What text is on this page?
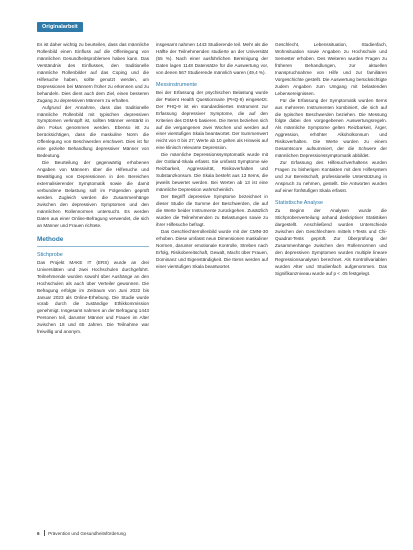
Originalarbeit

Es ist daher wichtig zu beurteilen, dass das männliche Rollenbild einen Einfluss auf die Offenlegung von männlichen Gesundheitsproblemen haben kann. Das Verständnis des Einflusses, den traditionelle männliche Rollenbilder auf das Coping und die Hilfesuche haben, sollte genutzt werden, um Depressionen bei Männern früher zu erkennen und zu behandeln. Dies dient auch dem Ziel, einen besseren Zugang zu depressiven Männern zu erhalten.

Aufgrund der Annahme, dass das traditionelle männliche Rollenbild mit typischen depressiven Symptomen verknüpft ist, sollten Männer verstärkt in den Fokus genommen werden. Ebenso ist zu berücksichtigen, dass die maskuline Norm die Offenlegung von Beschwerden erschwert. Dies ist für eine gezielte Behandlung depressiver Männer von Bedeutung.

Die Beurteilung der gegenwärtig erhobenen Angaben von Männern über die Hilfesuche und Bewältigung von Depressionen in den Bereichen externalisierender Symptomatik sowie die damit verbundene Belastung soll im Folgenden geprüft werden. Zugleich werden die Zusammenhänge zwischen den depressiven Symptomen und den männlichen Rollennormen untersucht. Es werden Daten aus einer Online-Befragung verwendet, die sich an Männer und Frauen richtete.

Methode
Stichprobe

Das Projekt MAKE IT (ERS) wurde an drei Universitäten und zwei Hochschulen durchgeführt. Teilnehmende wurden sowohl über Aushänge an den Hochschulen als auch über Verteiler gewonnen. Die Befragung erfolgte im Zeitraum von Juni 2022 bis Januar 2023 als Online-Erhebung. Die Studie wurde vorab durch die zuständige Ethikkommission genehmigt. Insgesamt nahmen an der Befragung 1443 Personen teil, darunter Männer und Frauen im Alter zwischen 18 und 65 Jahren. Die Teilnahme war freiwillig und anonym.

insgesamt nahmen 1443 Studierende teil. Mehr als die Hälfte der Teilnehmenden studierte an der Universität (55 %). Nach einer ausführlichen Bereinigung der Daten lagen 1148 Datensätze für die Auswertung vor, von denen 567 Studierende männlich waren (49,4 %).

Messinstrumente

Bei der Erfassung der psychischen Belastung wurde der Patient Health Questionnaire (PHQ-9) eingesetzt. Der PHQ-9 ist ein standardisiertes Instrument zur Erfassung depressiver Symptome, die auf den Kriterien des DSM-5 basieren. Die Items beziehen sich auf die vergangenen zwei Wochen und werden auf einer vierstufigen Skala beantwortet. Der Summenwert reicht von 0 bis 27; Werte ab 10 gelten als Hinweis auf eine klinisch relevante Depression.

Die männliche Depressionssymptomatik wurde mit der Gotland-Skala erfasst. Sie umfasst Symptome wie Reizbarkeit, Aggressivität, Risikoverhalten und Substanzkonsum. Die Skala besteht aus 13 Items, die jeweils bewertet werden. Bei Werten ab 13 ist eine männliche Depression wahrscheinlich.

Der Begriff depressive Symptome bezeichnet in dieser Studie die Summe der Beschwerden, die auf die Werte beider Instrumente zurückgehen. Zusätzlich wurden die Teilnehmenden zu Belastungen sowie zu ihrer Hilfesuche befragt.

Das Geschlechterrollenbild wurde mit der CMNI-30 erhoben. Diese umfasst neun Dimensionen maskuliner Normen, darunter emotionale Kontrolle, Streben nach Erfolg, Risikobereitschaft, Gewalt, Macht über Frauen, Dominanz und Eigenständigkeit. Die Items werden auf einer vierstufigen Skala beantwortet.

Geschlecht, Lebenssituation, Studienfach, Wohnsituation sowie Angaben zu Hochschule und Semester erhoben. Des Weiteren wurden Fragen zu früheren Behandlungen, zur aktuellen Inanspruchnahme von Hilfe und zur familiären Vorgeschichte gestellt. Die Auswertung berücksichtigte zudem Angaben zum Umgang mit belastenden Lebensereignissen.

Für die Erfassung der Symptomatik wurden Items aus mehreren Instrumenten kombiniert, die sich auf die typischen Beschwerden beziehen. Die Messung folgte dabei den vorgegebenen Auswertungsregeln. Als männliche Symptome gelten Reizbarkeit, Ärger, Aggression, erhöhter Alkoholkonsum und Risikoverhalten. Die Werte wurden zu einem Gesamtscore aufsummiert, der die Schwere der männlichen Depressionssymptomatik abbildet.

Zur Erfassung des Hilfesuchverhaltens wurden Fragen zu bisherigen Kontakten mit dem Hilfesystem und zur Bereitschaft, professionelle Unterstützung in Anspruch zu nehmen, gestellt. Die Antworten wurden auf einer fünfstufigen Skala erfasst.

Statistische Analyse

Zu Beginn der Analysen wurde die Stichprobenverteilung anhand deskriptiver Statistiken dargestellt. Anschließend wurden Unterschiede zwischen den Geschlechtern mittels t-Tests und Chi-Quadrat-Tests geprüft. Zur Überprüfung der Zusammenhänge zwischen den Rollennormen und den depressiven Symptomen wurden multiple lineare Regressionsanalysen berechnet. Als Kontrollvariablen wurden Alter und Studienfach aufgenommen. Das Signifikanzniveau wurde auf p < .05 festgelegt.

6 Prävention und Gesundheitsförderung
